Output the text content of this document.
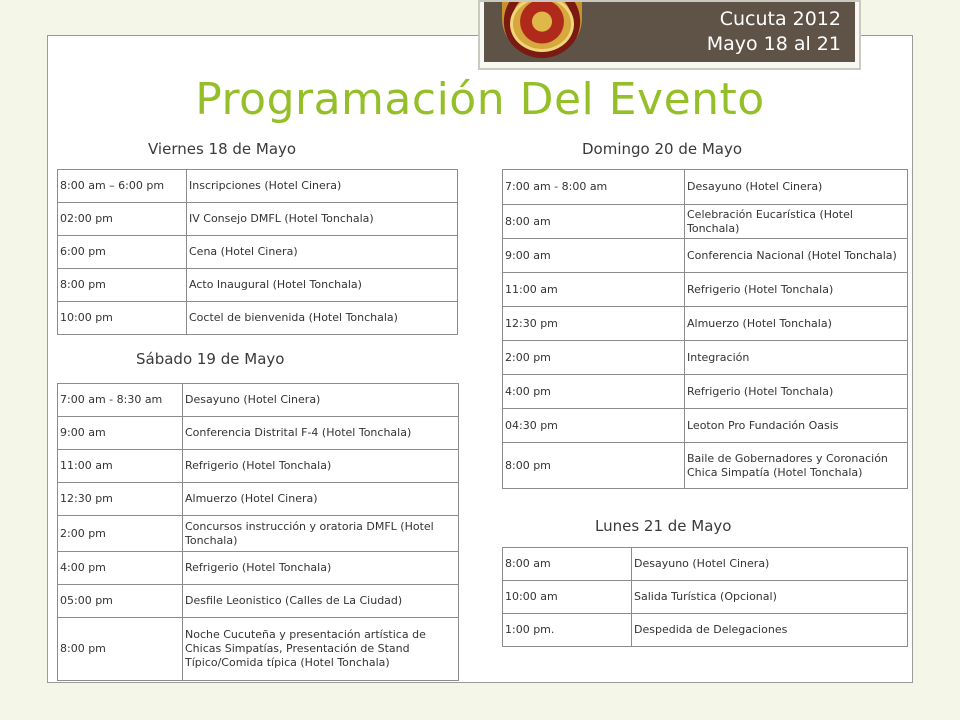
Cucuta 2012
Mayo 18 al 21
Programación Del Evento
Viernes 18 de Mayo
8:00 am – 6:00 pm	Inscripciones (Hotel Cinera)
02:00 pm	IV Consejo DMFL (Hotel Tonchala)
6:00 pm	Cena (Hotel Cinera)
8:00 pm	Acto Inaugural (Hotel Tonchala)
10:00 pm	Coctel de bienvenida (Hotel Tonchala)
Sábado 19 de Mayo
7:00 am - 8:30 am	Desayuno (Hotel Cinera)
9:00 am	Conferencia Distrital F-4 (Hotel Tonchala)
11:00 am	Refrigerio (Hotel Tonchala)
12:30 pm	Almuerzo (Hotel Cinera)
2:00 pm	Concursos instrucción y oratoria DMFL (Hotel Tonchala)
4:00 pm	Refrigerio (Hotel Tonchala)
05:00 pm	Desfile Leonistico (Calles de La Ciudad)
8:00 pm	Noche Cucuteña y presentación artística de Chicas Simpatías, Presentación de Stand Típico/Comida típica (Hotel Tonchala)
Domingo 20 de Mayo
7:00 am - 8:00 am	Desayuno (Hotel Cinera)
8:00 am	Celebración Eucarística (Hotel Tonchala)
9:00 am	Conferencia Nacional (Hotel Tonchala)
11:00 am	Refrigerio (Hotel Tonchala)
12:30 pm	Almuerzo (Hotel Tonchala)
2:00 pm	Integración
4:00 pm	Refrigerio (Hotel Tonchala)
04:30 pm	Leoton Pro Fundación Oasis
8:00 pm	Baile de Gobernadores y Coronación Chica Simpatía (Hotel Tonchala)
Lunes 21 de Mayo
8:00 am	Desayuno (Hotel Cinera)
10:00 am	Salida Turística (Opcional)
1:00 pm.	Despedida de Delegaciones
